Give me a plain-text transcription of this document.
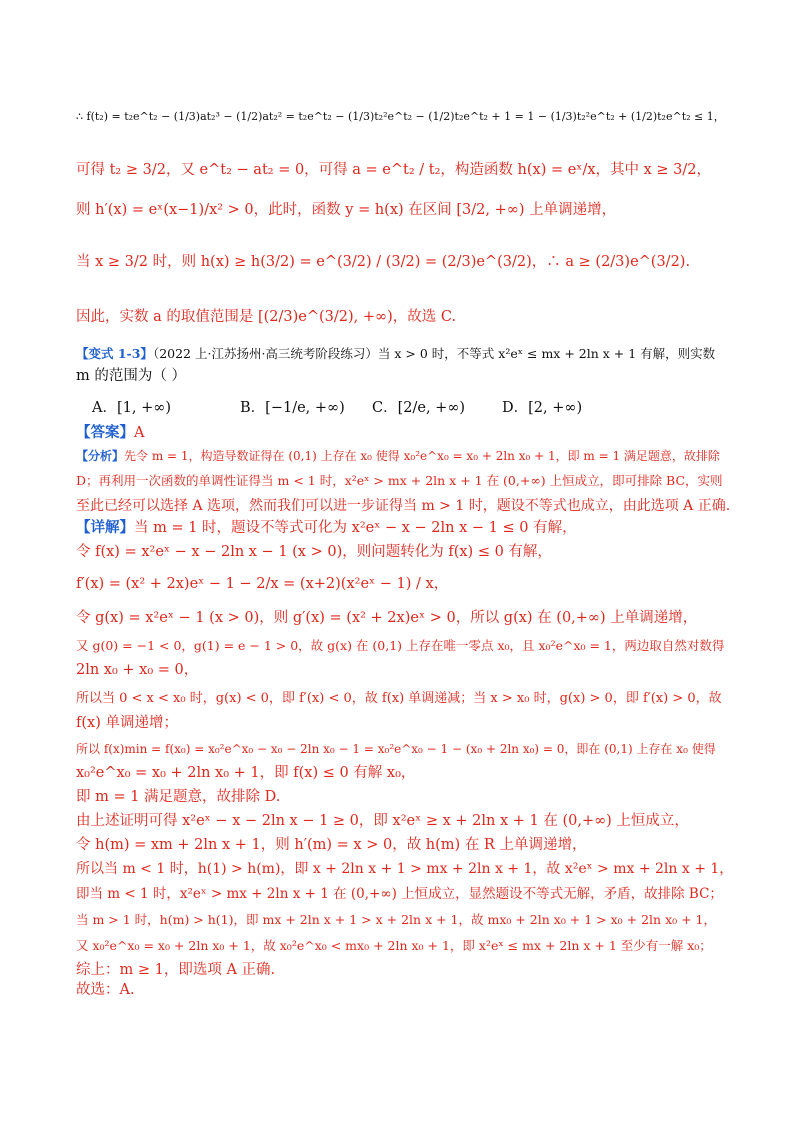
∴ f(t₂) = t₂e^t₂ − (1/3)at₂³ − (1/2)at₂² = t₂e^t₂ − (1/3)t₂²e^t₂ − (1/2)t₂e^t₂ + 1 = 1 − (1/3)t₂²e^t₂ + (1/2)t₂e^t₂ ≤ 1，
可得 t₂ ≥ 3/2，又 e^t₂ − at₂ = 0，可得 a = e^t₂ / t₂，构造函数 h(x) = eˣ/x，其中 x ≥ 3/2，
则 h′(x) = eˣ(x−1)/x² > 0，此时，函数 y = h(x) 在区间 [3/2, +∞) 上单调递增，
当 x ≥ 3/2 时，则 h(x) ≥ h(3/2) = e^(3/2) / (3/2) = (2/3)e^(3/2)，∴ a ≥ (2/3)e^(3/2).
因此，实数 a 的取值范围是 [(2/3)e^(3/2), +∞)，故选 C.
【变式 1-3】（2022 上·江苏扬州·高三统考阶段练习）当 x > 0 时，不等式 x²eˣ ≤ mx + 2ln x + 1 有解，则实数
m 的范围为（ ）
A．[1, +∞)	B．[−1/e, +∞) C．[2/e, +∞)	D．[2, +∞)
【答案】A
【分析】先令 m = 1，构造导数证得在 (0,1) 上存在 x₀ 使得 x₀²e^x₀ = x₀ + 2ln x₀ + 1，即 m = 1 满足题意，故排除
D；再利用一次函数的单调性证得当 m < 1 时，x²eˣ > mx + 2ln x + 1 在 (0,+∞) 上恒成立，即可排除 BC，实则
至此已经可以选择 A 选项，然而我们可以进一步证得当 m > 1 时，题设不等式也成立，由此选项 A 正确.
【详解】当 m = 1 时，题设不等式可化为 x²eˣ − x − 2ln x − 1 ≤ 0 有解，
令 f(x) = x²eˣ − x − 2ln x − 1 (x > 0)，则问题转化为 f(x) ≤ 0 有解，
f′(x) = (x² + 2x)eˣ − 1 − 2/x = (x+2)(x²eˣ − 1) / x，
令 g(x) = x²eˣ − 1 (x > 0)，则 g′(x) = (x² + 2x)eˣ > 0，所以 g(x) 在 (0,+∞) 上单调递增，
又 g(0) = −1 < 0，g(1) = e − 1 > 0，故 g(x) 在 (0,1) 上存在唯一零点 x₀，且 x₀²e^x₀ = 1，两边取自然对数得
2ln x₀ + x₀ = 0，
所以当 0 < x < x₀ 时，g(x) < 0，即 f′(x) < 0，故 f(x) 单调递减；当 x > x₀ 时，g(x) > 0，即 f′(x) > 0，故
f(x) 单调递增；
所以 f(x)min = f(x₀) = x₀²e^x₀ − x₀ − 2ln x₀ − 1 = x₀²e^x₀ − 1 − (x₀ + 2ln x₀) = 0，即在 (0,1) 上存在 x₀ 使得
x₀²e^x₀ = x₀ + 2ln x₀ + 1，即 f(x) ≤ 0 有解 x₀，
即 m = 1 满足题意，故排除 D.
由上述证明可得 x²eˣ − x − 2ln x − 1 ≥ 0，即 x²eˣ ≥ x + 2ln x + 1 在 (0,+∞) 上恒成立，
令 h(m) = xm + 2ln x + 1，则 h′(m) = x > 0，故 h(m) 在 R 上单调递增，
所以当 m < 1 时，h(1) > h(m)，即 x + 2ln x + 1 > mx + 2ln x + 1，故 x²eˣ > mx + 2ln x + 1，
即当 m < 1 时，x²eˣ > mx + 2ln x + 1 在 (0,+∞) 上恒成立，显然题设不等式无解，矛盾，故排除 BC；
当 m > 1 时，h(m) > h(1)，即 mx + 2ln x + 1 > x + 2ln x + 1，故 mx₀ + 2ln x₀ + 1 > x₀ + 2ln x₀ + 1，
又 x₀²e^x₀ = x₀ + 2ln x₀ + 1，故 x₀²e^x₀ < mx₀ + 2ln x₀ + 1，即 x²eˣ ≤ mx + 2ln x + 1 至少有一解 x₀；
综上：m ≥ 1，即选项 A 正确.
故选：A.
